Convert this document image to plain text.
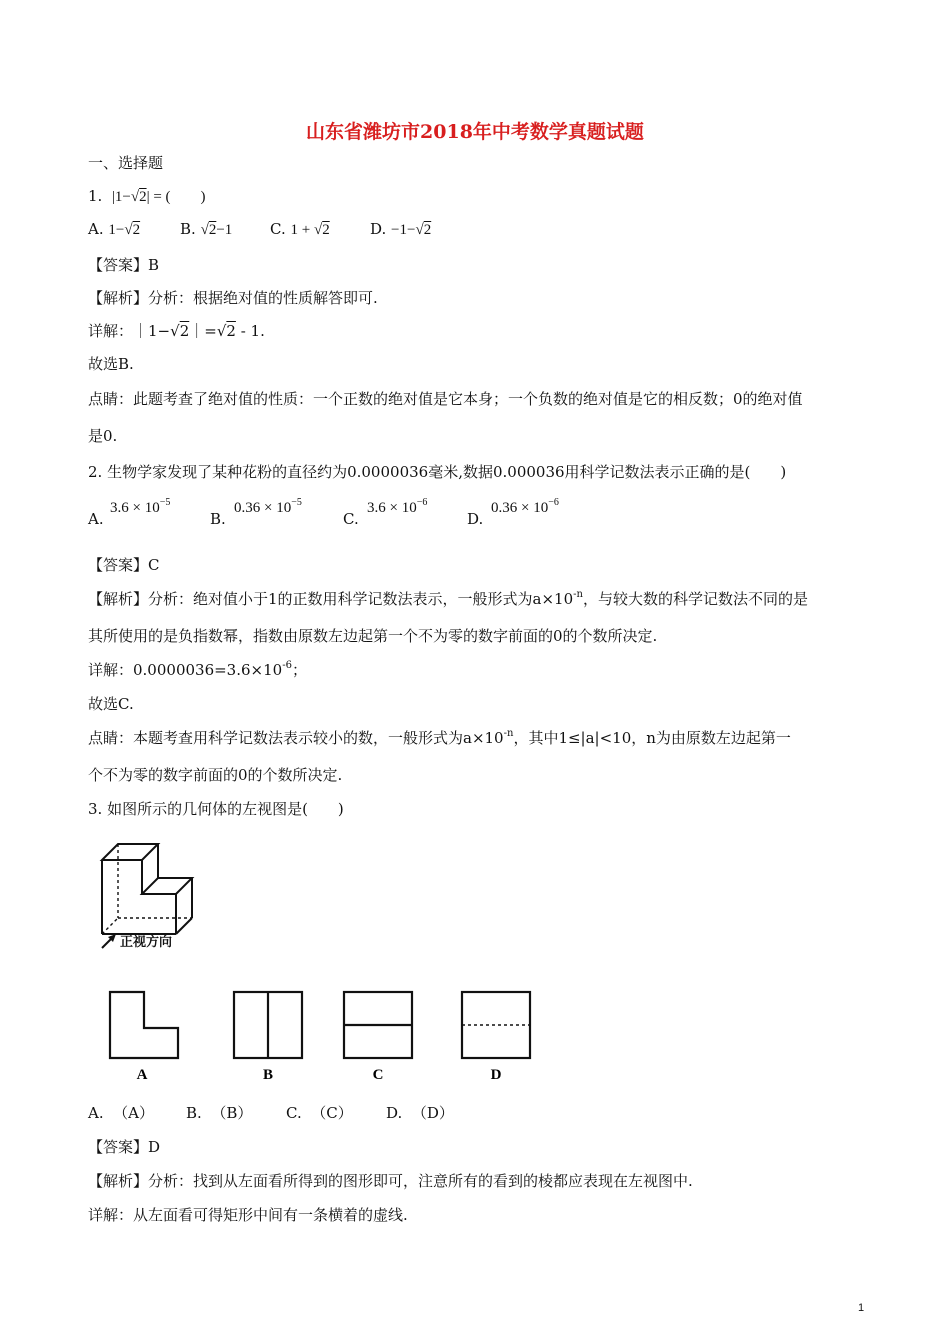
山东省潍坊市2018年中考数学真题试题
一、选择题
1. |1−√2| = (　　)
A. 1−√2	B. √2−1	C. 1 + √2	D. −1−√2
【答案】B
【解析】分析：根据绝对值的性质解答即可.
详解：｜1−√2｜=√2 - 1.
故选B.
点睛：此题考查了绝对值的性质：一个正数的绝对值是它本身；一个负数的绝对值是它的相反数；0的绝对值
是0.
2. 生物学家发现了某种花粉的直径约为0.0000036毫米,数据0.000036用科学记数法表示正确的是(　　)
A.
$3.6 \times 10^{-5}$
B.
$0.36 \times 10^{-5}$
C.
$3.6 \times 10^{-6}$
D.
$0.36 \times 10^{-6}$
【答案】C
【解析】分析：绝对值小于1的正数用科学记数法表示，一般形式为$a\times 10^{-n}$，与较大数的科学记数法不同的是
其所使用的是负指数幂，指数由原数左边起第一个不为零的数字前面的0的个数所决定.
详解：$0.0000036=3.6\times 10^{-6}$；
故选C.
点睛：本题考查用科学记数法表示较小的数，一般形式为$a\times 10^{-n}$，其中1≤|a|<10，n为由原数左边起第一
个不为零的数字前面的0的个数所决定.
3. 如图所示的几何体的左视图是(　　)
正视方向
A	B	C	D
A. （A） B. （B） C. （C） D. （D）
【答案】D
【解析】分析：找到从左面看所得到的图形即可，注意所有的看到的棱都应表现在左视图中.
详解：从左面看可得矩形中间有一条横着的虚线.
1
